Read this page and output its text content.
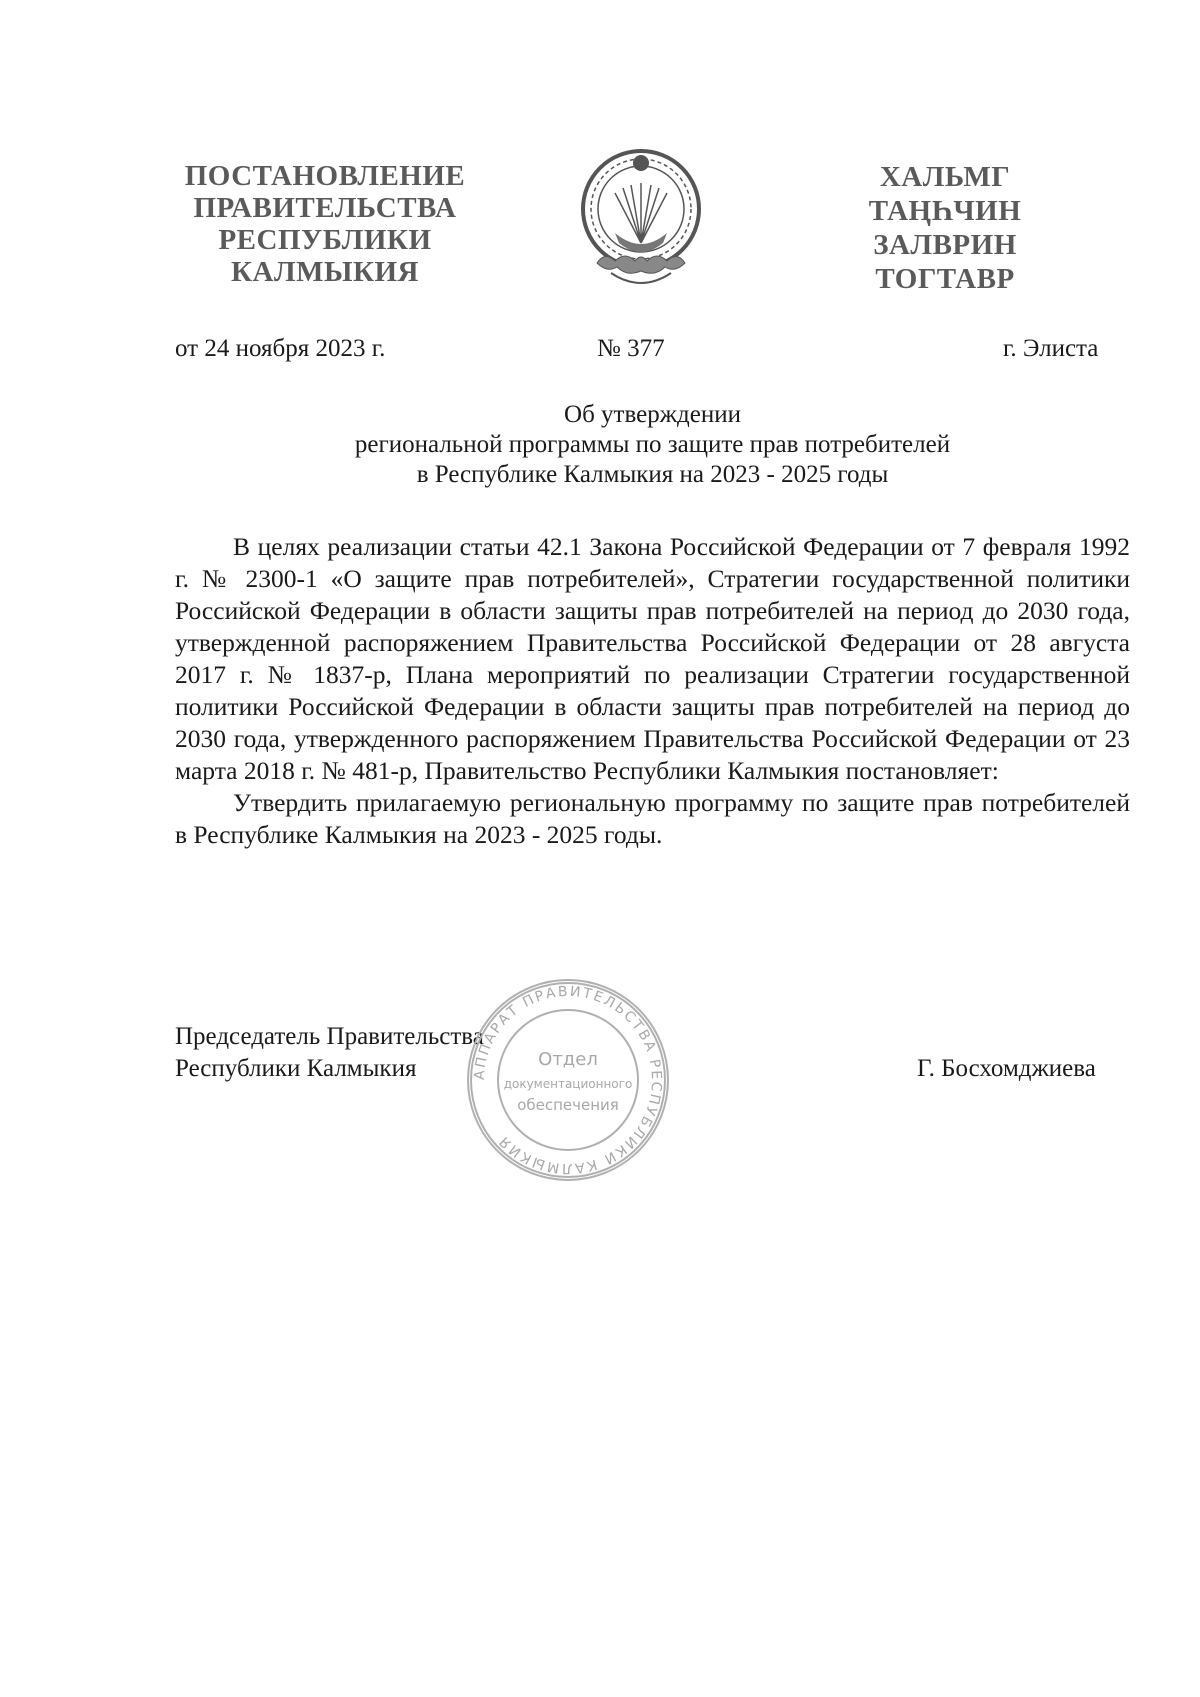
ПОСТАНОВЛЕНИЕ
ПРАВИТЕЛЬСТВА
РЕСПУБЛИКИ
КАЛМЫКИЯ
ХАЛЬМГ
ТАҢҺЧИН
ЗАЛВРИН
ТОГТАВР
от 24 ноября 2023 г.	№ 377	г. Элиста
Об утверждении
региональной программы по защите прав потребителей
в Республике Калмыкия на 2023 - 2025 годы

В целях реализации статьи 42.1 Закона Российской Федерации от 7 февраля 1992 г. № 2300-1 «О защите прав потребителей», Стратегии государственной политики Российской Федерации в области защиты прав потребителей на период до 2030 года, утвержденной распоряжением Правительства Российской Федерации от 28 августа 2017 г. № 1837-р, Плана мероприятий по реализации Стратегии государственной политики Российской Федерации в области защиты прав потребителей на период до 2030 года, утвержденного распоряжением Правительства Российской Федерации от 23 марта 2018 г. № 481-р, Правительство Республики Калмыкия постановляет:

Утвердить прилагаемую региональную программу по защите прав потребителей в Республике Калмыкия на 2023 - 2025 годы.

Председатель Правительства
Республики Калмыкия	Г. Босхомджиева
АППАРАТ ПРАВИТЕЛЬСТВА РЕСПУБЛИКИ КАЛМЫКИЯ
Отдел
документационного
обеспечения
